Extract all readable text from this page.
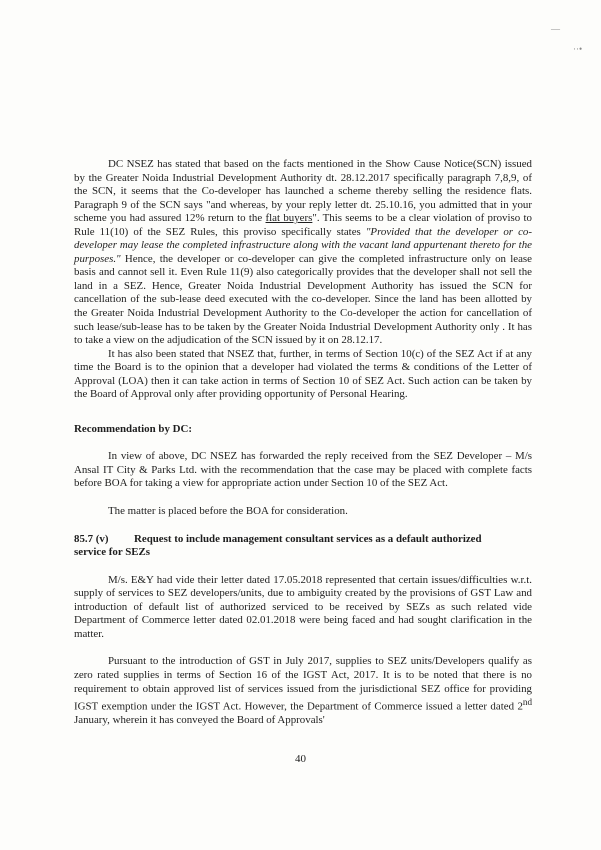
—
··•

DC NSEZ has stated that based on the facts mentioned in the Show Cause Notice(SCN) issued by the Greater Noida Industrial Development Authority dt. 28.12.2017 specifically paragraph 7,8,9, of the SCN, it seems that the Co-developer has launched a scheme thereby selling the residence flats. Paragraph 9 of the SCN says "and whereas, by your reply letter dt. 25.10.16, you admitted that in your scheme you had assured 12% return to the flat buyers". This seems to be a clear violation of proviso to Rule 11(10) of the SEZ Rules, this proviso specifically states "Provided that the developer or co-developer may lease the completed infrastructure along with the vacant land appurtenant thereto for the purposes." Hence, the developer or co-developer can give the completed infrastructure only on lease basis and cannot sell it. Even Rule 11(9) also categorically provides that the developer shall not sell the land in a SEZ. Hence, Greater Noida Industrial Development Authority has issued the SCN for cancellation of the sub-lease deed executed with the co-developer. Since the land has been allotted by the Greater Noida Industrial Development Authority to the Co-developer the action for cancellation of such lease/sub-lease has to be taken by the Greater Noida Industrial Development Authority only . It has to take a view on the adjudication of the SCN issued by it on 28.12.17.

It has also been stated that NSEZ that, further, in terms of Section 10(c) of the SEZ Act if at any time the Board is to the opinion that a developer had violated the terms & conditions of the Letter of Approval (LOA) then it can take action in terms of Section 10 of SEZ Act. Such action can be taken by the Board of Approval only after providing opportunity of Personal Hearing.

Recommendation by DC:

In view of above, DC NSEZ has forwarded the reply received from the SEZ Developer – M/s Ansal IT City & Parks Ltd. with the recommendation that the case may be placed with complete facts before BOA for taking a view for appropriate action under Section 10 of the SEZ Act.

The matter is placed before the BOA for consideration.

85.7 (v)	Request to include management consultant services as a default authorized
service for SEZs

M/s. E&Y had vide their letter dated 17.05.2018 represented that certain issues/difficulties w.r.t. supply of services to SEZ developers/units, due to ambiguity created by the provisions of GST Law and introduction of default list of authorized serviced to be received by SEZs as such related vide Department of Commerce letter dated 02.01.2018 were being faced and had sought clarification in the matter.

Pursuant to the introduction of GST in July 2017, supplies to SEZ units/Developers qualify as zero rated supplies in terms of Section 16 of the IGST Act, 2017. It is to be noted that there is no requirement to obtain approved list of services issued from the jurisdictional SEZ office for providing IGST exemption under the IGST Act. However, the Department of Commerce issued a letter dated 2nd January, wherein it has conveyed the Board of Approvals'

40
